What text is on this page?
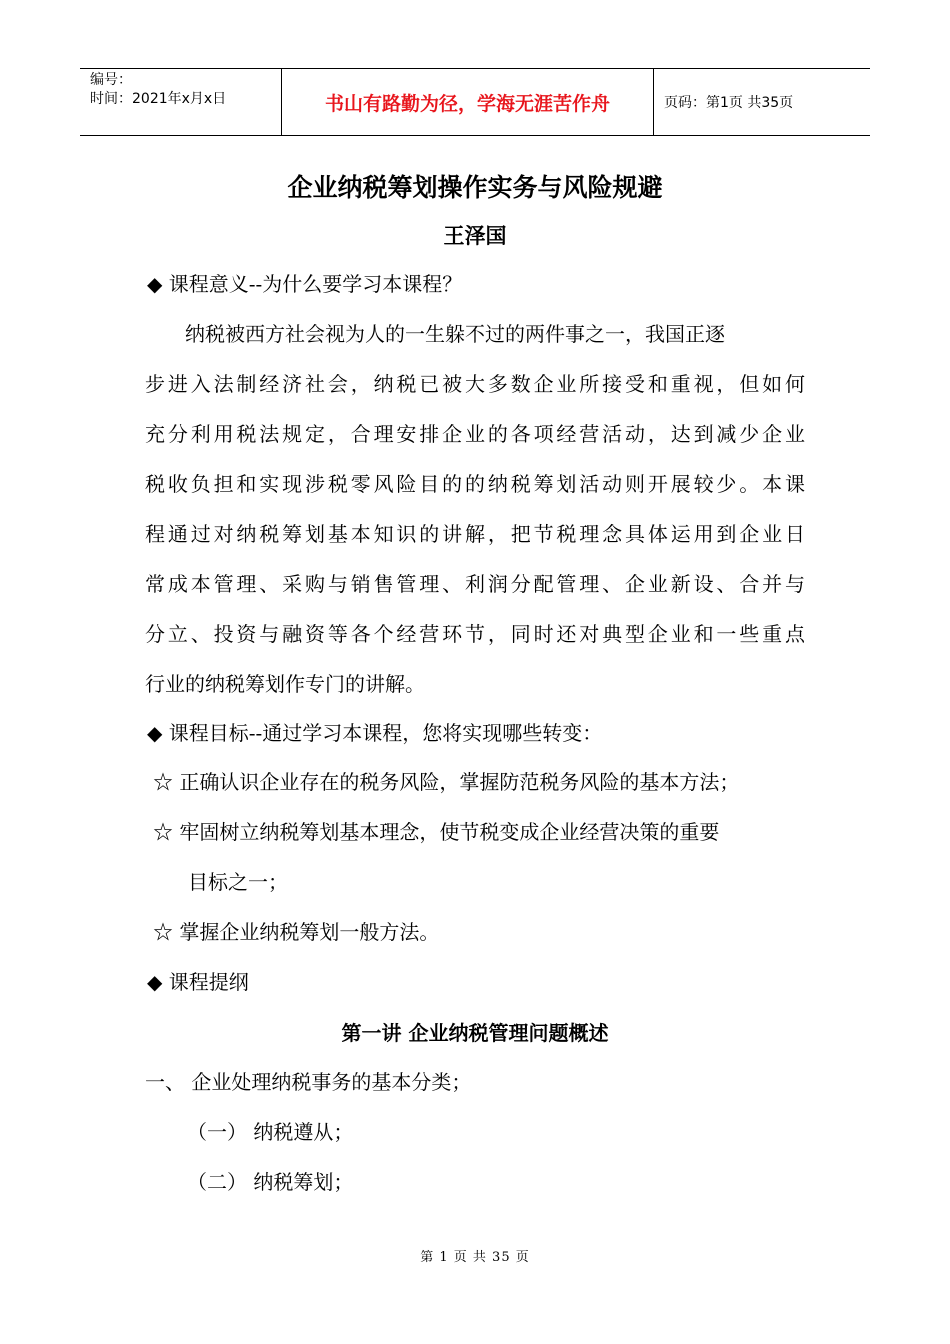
编号：
时间：2021年x月x日	书山有路勤为径，学海无涯苦作舟	页码：第1页 共35页
企业纳税筹划操作实务与风险规避
王泽国
◆ 课程意义--为什么要学习本课程？
纳税被西方社会视为人的一生躲不过的两件事之一，我国正逐
步进入法制经济社会，纳税已被大多数企业所接受和重视，但如何
充分利用税法规定，合理安排企业的各项经营活动，达到减少企业
税收负担和实现涉税零风险目的的纳税筹划活动则开展较少。本课
程通过对纳税筹划基本知识的讲解，把节税理念具体运用到企业日
常成本管理、采购与销售管理、利润分配管理、企业新设、合并与
分立、投资与融资等各个经营环节，同时还对典型企业和一些重点
行业的纳税筹划作专门的讲解。
◆ 课程目标--通过学习本课程，您将实现哪些转变：
☆ 正确认识企业存在的税务风险，掌握防范税务风险的基本方法；
☆ 牢固树立纳税筹划基本理念，使节税变成企业经营决策的重要
目标之一；
☆ 掌握企业纳税筹划一般方法。
◆ 课程提纲
第一讲 企业纳税管理问题概述
一、 企业处理纳税事务的基本分类；
（一） 纳税遵从；
（二） 纳税筹划；
第 1 页 共 35 页
